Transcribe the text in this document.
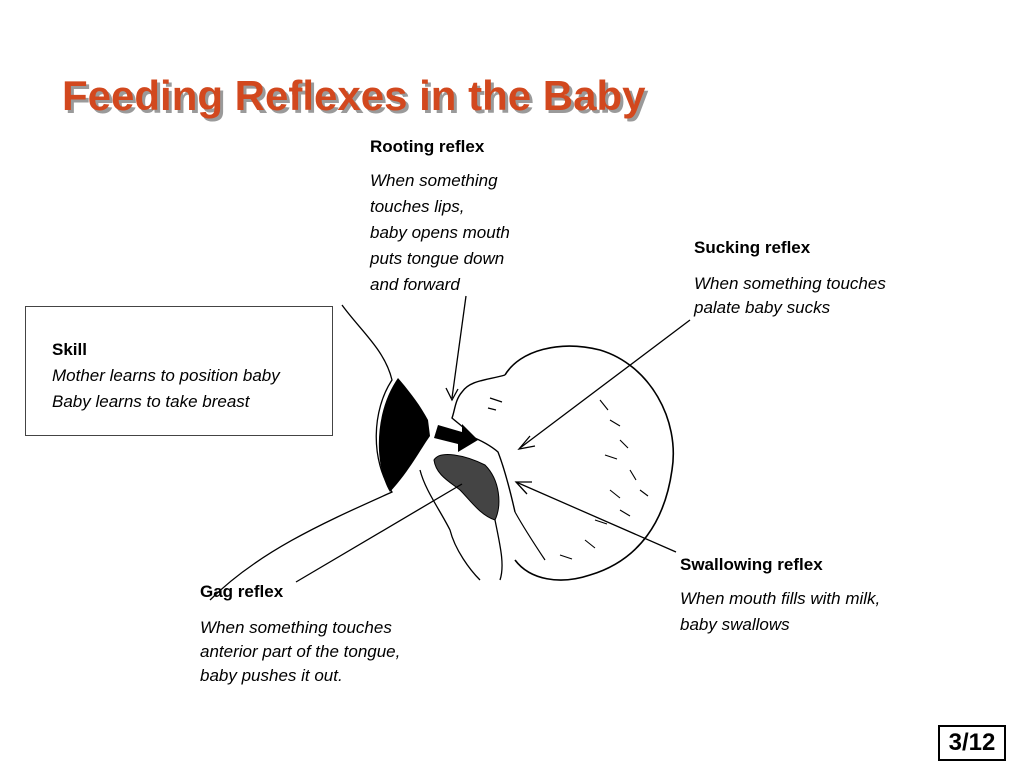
Feeding Reflexes in the Baby
Rooting reflex
When something
touches lips,
baby opens mouth
puts tongue down
and forward
Sucking reflex
When something touches
palate baby sucks
Skill
Mother learns to position baby
Baby learns to take breast
Swallowing reflex
When mouth fills with milk,
baby swallows
Gag reflex
When something touches
anterior part of the tongue,
baby pushes it out.
3/12
